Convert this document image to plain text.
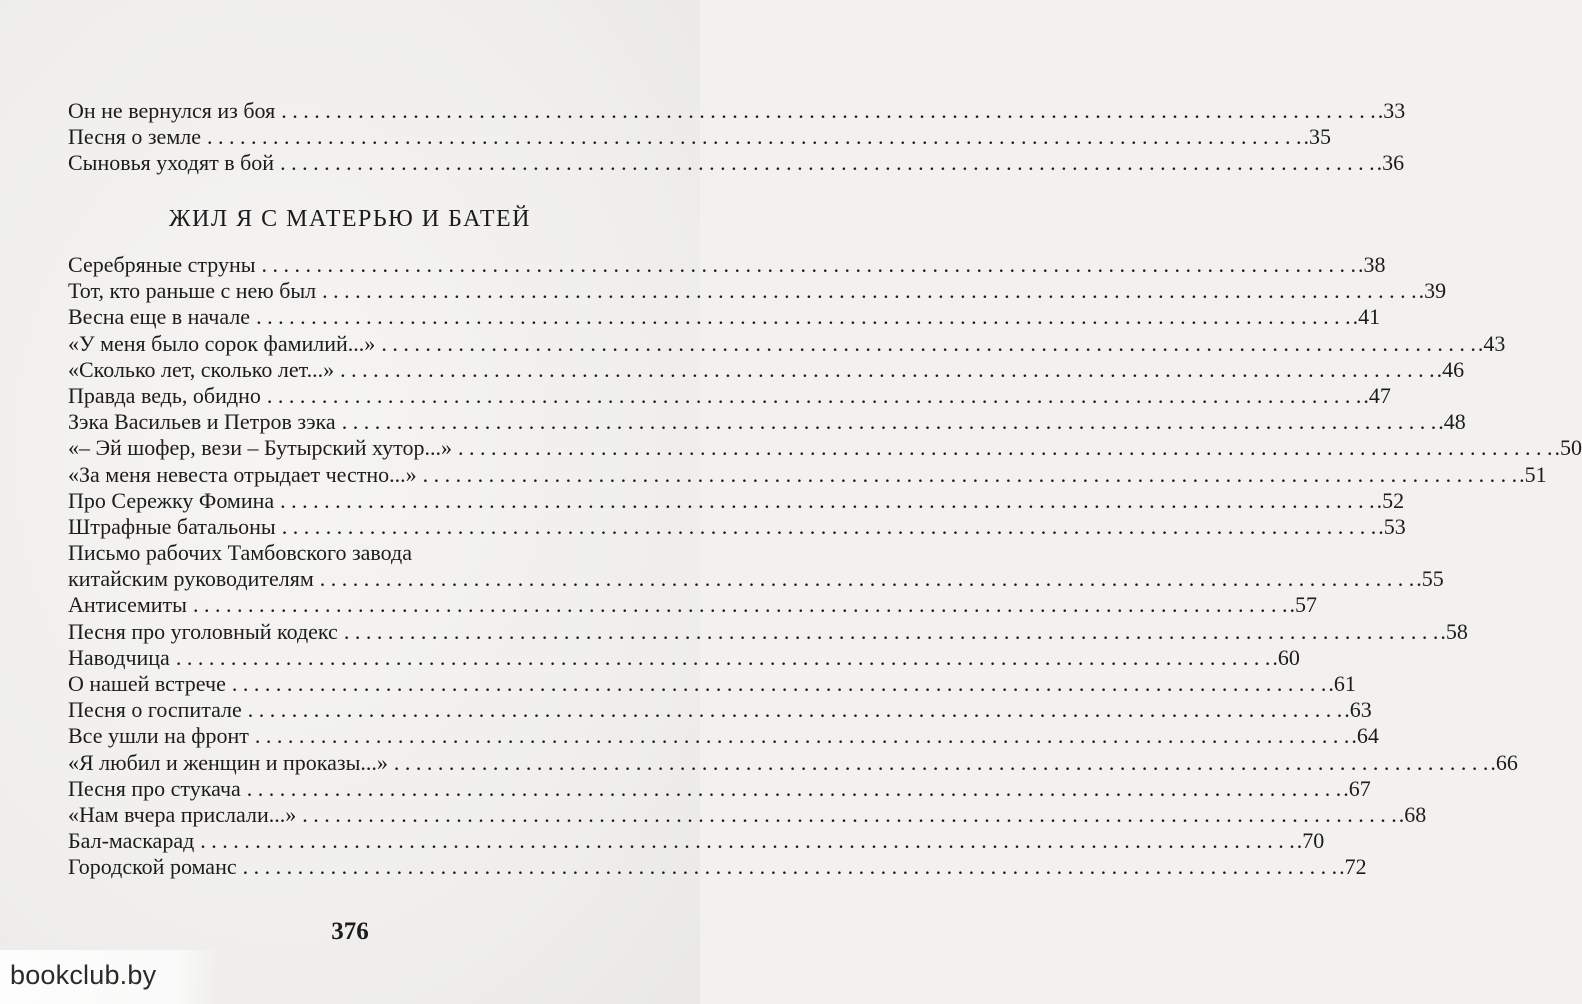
Он не вернулся из боя . . .	.33
Песня о земле . . .	.35
Сыновья уходят в бой . . .	.36
ЖИЛ Я С МАТЕРЬЮ И БАТЕЙ
Серебряные струны . . .	.38
Тот, кто раньше с нею был . . .	.39
Весна еще в начале . . .	.41
«У меня было сорок фамилий...» . . .	.43
«Сколько лет, сколько лет...» . . .	.46
Правда ведь, обидно . . .	.47
Зэка Васильев и Петров зэка . . .	.48
«– Эй шофер, вези – Бутырский хутор...» . . .	.50
«За меня невеста отрыдает честно...» . . .	.51
Про Сережку Фомина . . .	.52
Штрафные батальоны . . .	.53
Письмо рабочих Тамбовского завода
китайским руководителям . . .	.55
Антисемиты . . .	.57
Песня про уголовный кодекс . . .	.58
Наводчица . . .	.60
О нашей встрече . . .	.61
Песня о госпитале . . .	.63
Все ушли на фронт . . .	.64
«Я любил и женщин и проказы...» . . .	.66
Песня про стукача . . .	.67
«Нам вчера прислали...» . . .	.68
Бал-маскарад . . .	.70
Городской романс . . .	.72
376
bookclub.by
